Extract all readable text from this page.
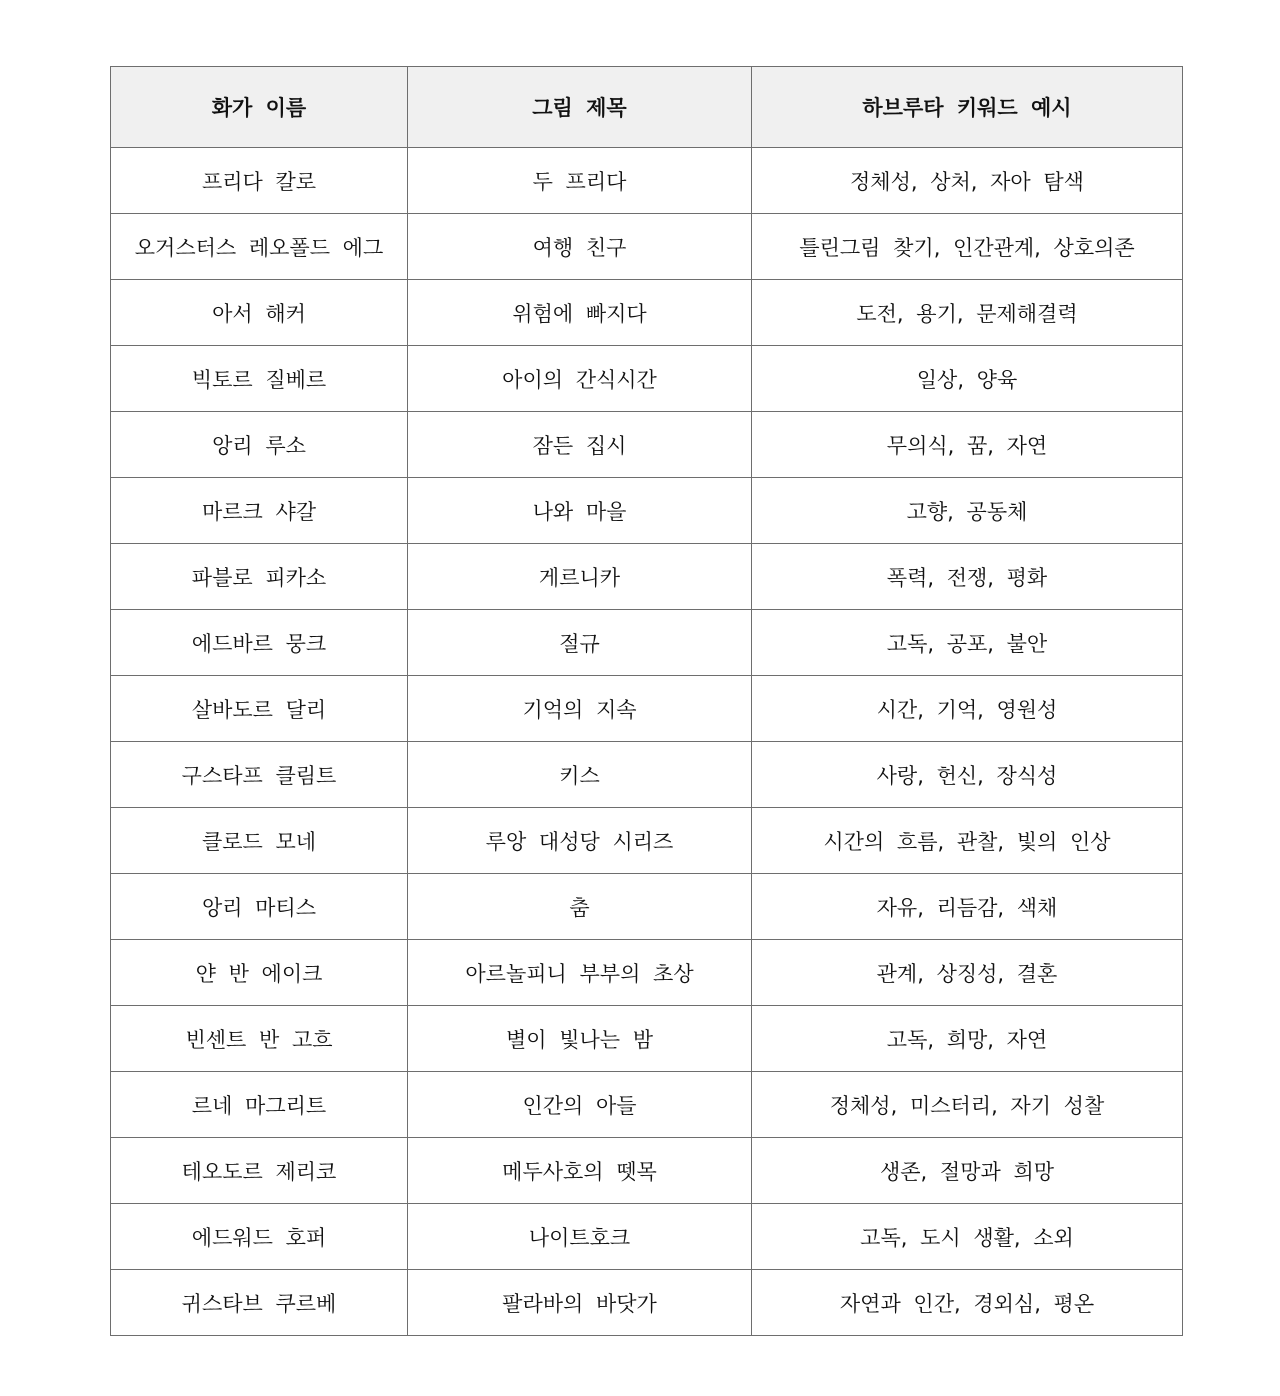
화가 이름	그림 제목	하브루타 키워드 예시
프리다 칼로	두 프리다	정체성, 상처, 자아 탐색
오거스터스 레오폴드 에그	여행 친구	틀린그림 찾기, 인간관계, 상호의존
아서 해커	위험에 빠지다	도전, 용기, 문제해결력
빅토르 질베르	아이의 간식시간	일상, 양육
앙리 루소	잠든 집시	무의식, 꿈, 자연
마르크 샤갈	나와 마을	고향, 공동체
파블로 피카소	게르니카	폭력, 전쟁, 평화
에드바르 뭉크	절규	고독, 공포, 불안
살바도르 달리	기억의 지속	시간, 기억, 영원성
구스타프 클림트	키스	사랑, 헌신, 장식성
클로드 모네	루앙 대성당 시리즈	시간의 흐름, 관찰, 빛의 인상
앙리 마티스	춤	자유, 리듬감, 색채
얀 반 에이크	아르놀피니 부부의 초상	관계, 상징성, 결혼
빈센트 반 고흐	별이 빛나는 밤	고독, 희망, 자연
르네 마그리트	인간의 아들	정체성, 미스터리, 자기 성찰
테오도르 제리코	메두사호의 뗏목	생존, 절망과 희망
에드워드 호퍼	나이트호크	고독, 도시 생활, 소외
귀스타브 쿠르베	팔라바의 바닷가	자연과 인간, 경외심, 평온
